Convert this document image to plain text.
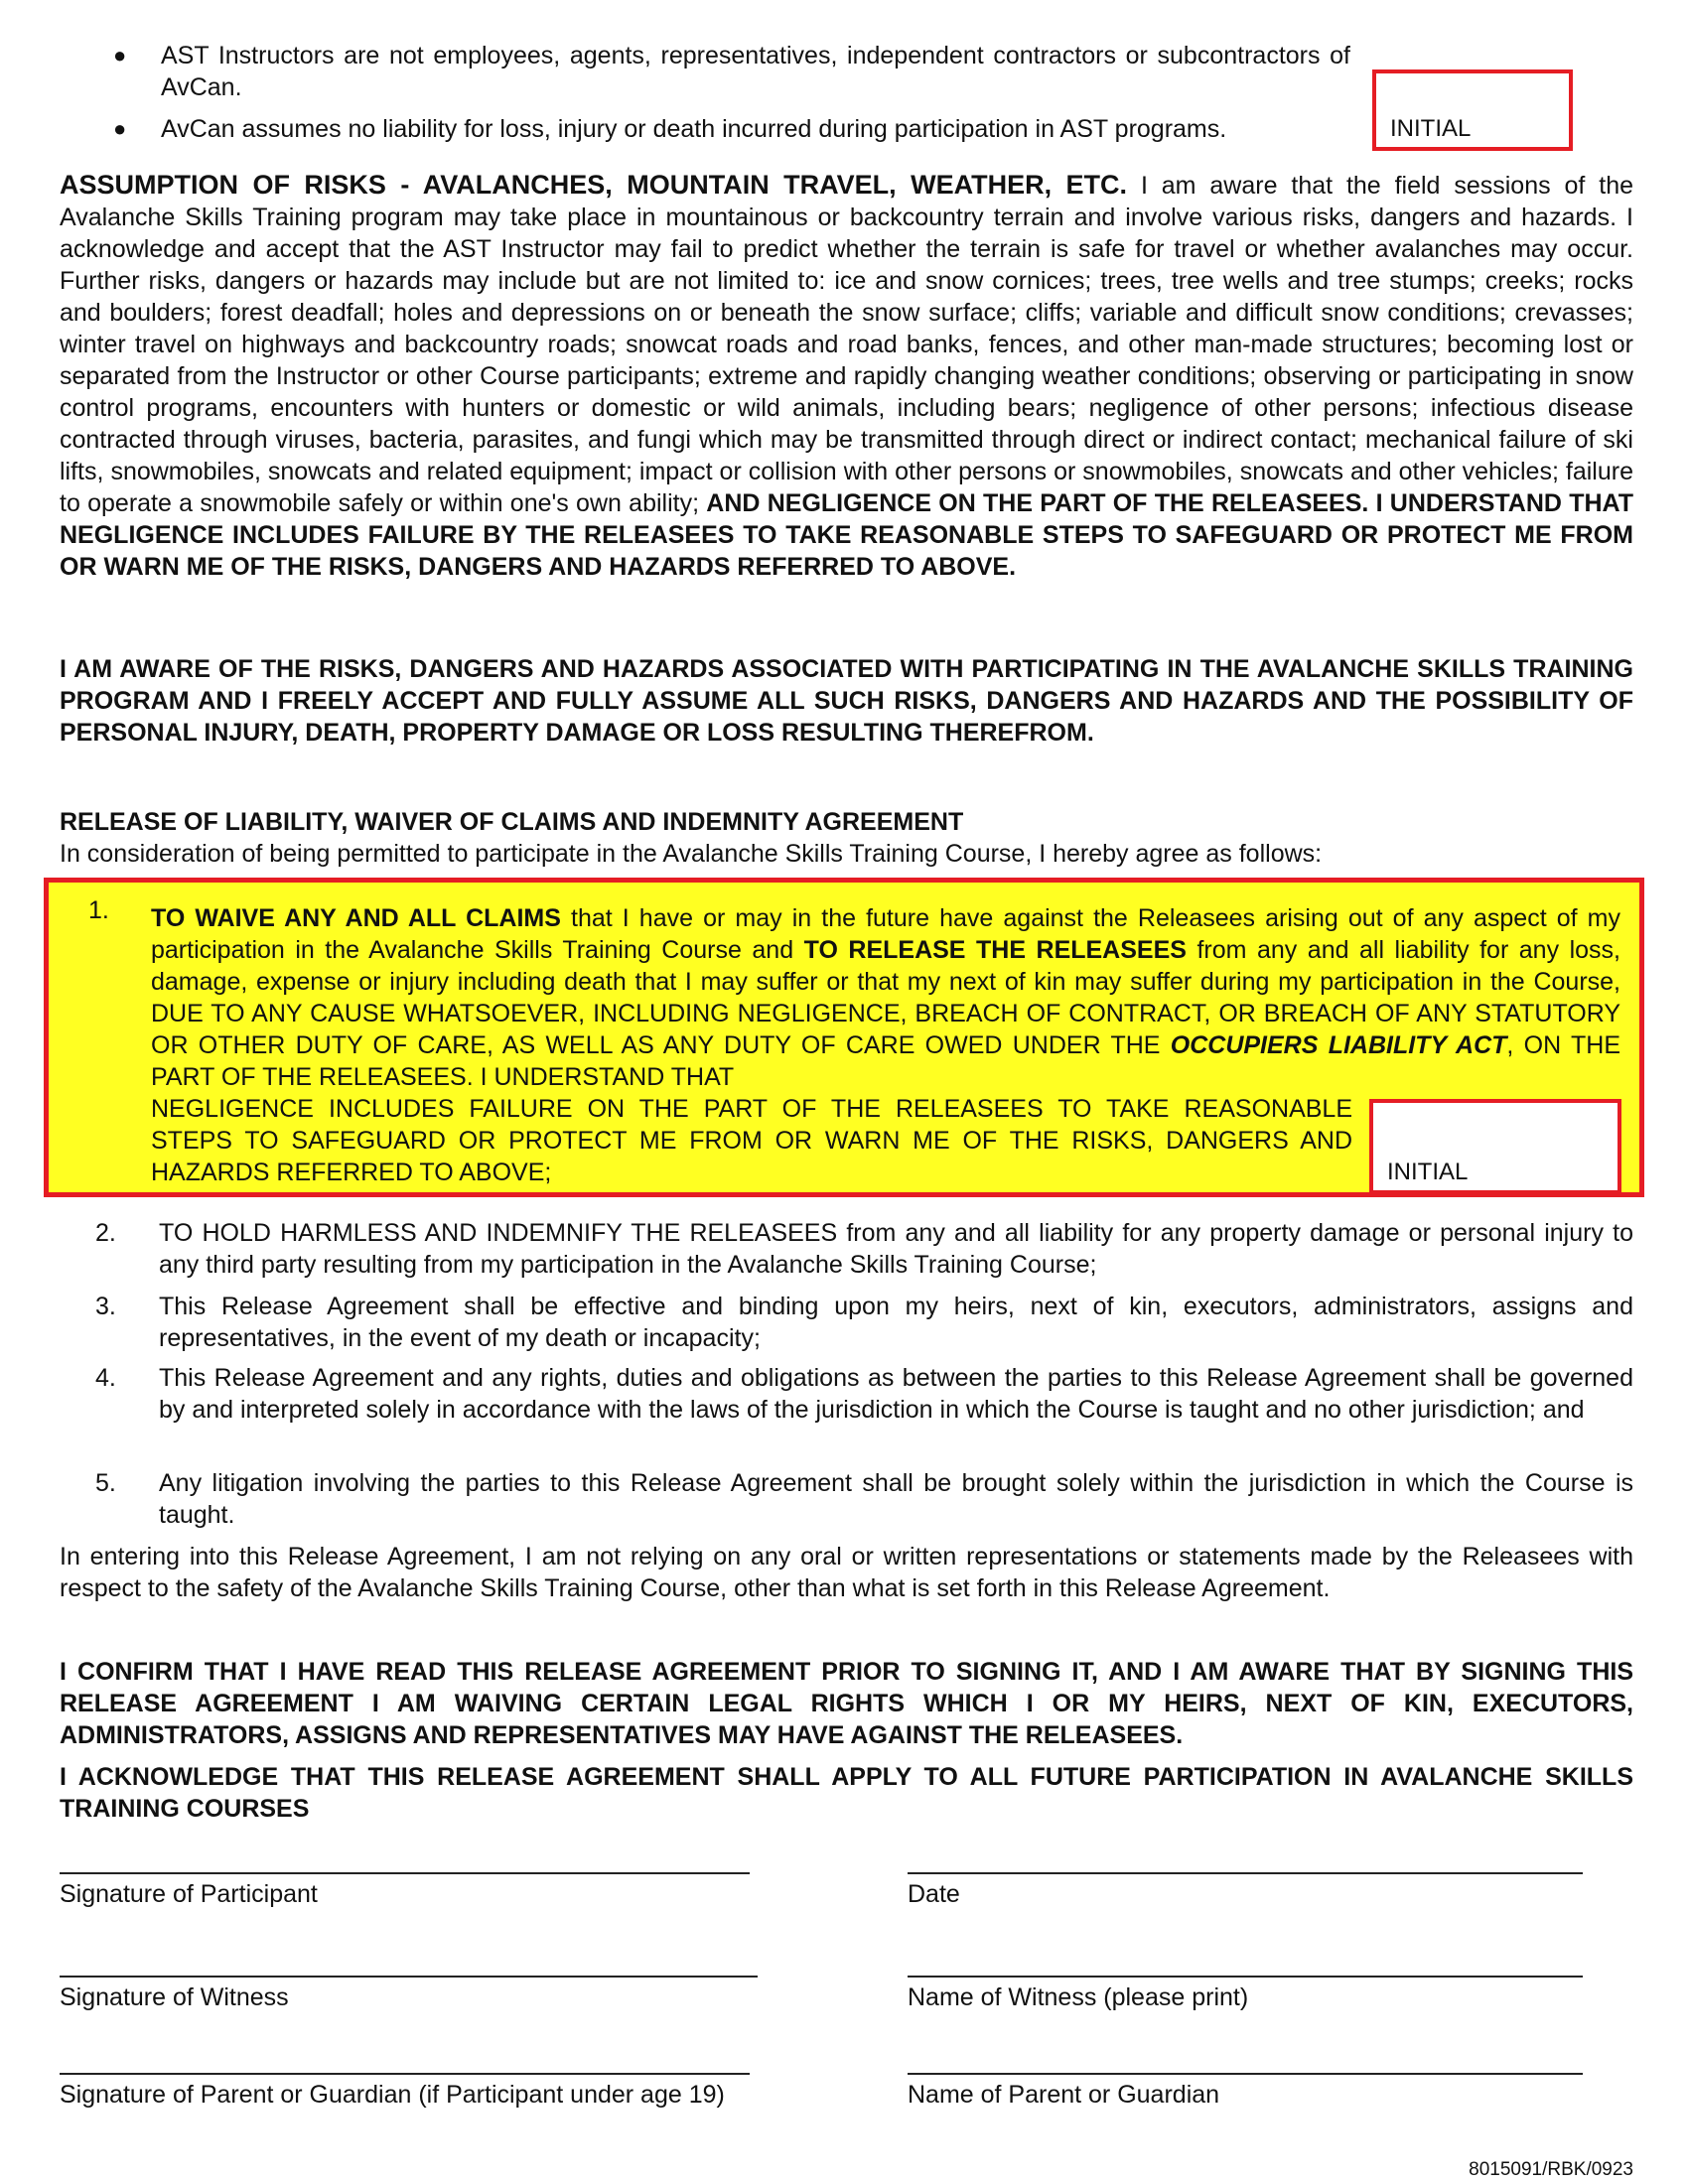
●	AST Instructors are not employees, agents, representatives, independent contractors or subcontractors of AvCan.
●	AvCan assumes no liability for loss, injury or death incurred during participation in AST programs.	INITIAL
ASSUMPTION OF RISKS - AVALANCHES, MOUNTAIN TRAVEL, WEATHER, ETC. I am aware that the field sessions of the Avalanche Skills Training program may take place in mountainous or backcountry terrain and involve various risks, dangers and hazards. I acknowledge and accept that the AST Instructor may fail to predict whether the terrain is safe for travel or whether avalanches may occur. Further risks, dangers or hazards may include but are not limited to: ice and snow cornices; trees, tree wells and tree stumps; creeks; rocks and boulders; forest deadfall; holes and depressions on or beneath the snow surface; cliffs; variable and difficult snow conditions; crevasses; winter travel on highways and backcountry roads; snowcat roads and road banks, fences, and other man-made structures; becoming lost or separated from the Instructor or other Course participants; extreme and rapidly changing weather conditions; observing or participating in snow control programs, encounters with hunters or domestic or wild animals, including bears; negligence of other persons; infectious disease contracted through viruses, bacteria, parasites, and fungi which may be transmitted through direct or indirect contact; mechanical failure of ski lifts, snowmobiles, snowcats and related equipment; impact or collision with other persons or snowmobiles, snowcats and other vehicles; failure to operate a snowmobile safely or within one's own ability; AND NEGLIGENCE ON THE PART OF THE RELEASEES. I UNDERSTAND THAT NEGLIGENCE INCLUDES FAILURE BY THE RELEASEES TO TAKE REASONABLE STEPS TO SAFEGUARD OR PROTECT ME FROM OR WARN ME OF THE RISKS, DANGERS AND HAZARDS REFERRED TO ABOVE.
I AM AWARE OF THE RISKS, DANGERS AND HAZARDS ASSOCIATED WITH PARTICIPATING IN THE AVALANCHE SKILLS TRAINING PROGRAM AND I FREELY ACCEPT AND FULLY ASSUME ALL SUCH RISKS, DANGERS AND HAZARDS AND THE POSSIBILITY OF PERSONAL INJURY, DEATH, PROPERTY DAMAGE OR LOSS RESULTING THEREFROM.
RELEASE OF LIABILITY, WAIVER OF CLAIMS AND INDEMNITY AGREEMENT
In consideration of being permitted to participate in the Avalanche Skills Training Course, I hereby agree as follows:
1. TO WAIVE ANY AND ALL CLAIMS that I have or may in the future have against the Releasees arising out of any aspect of my participation in the Avalanche Skills Training Course and TO RELEASE THE RELEASEES from any and all liability for any loss, damage, expense or injury including death that I may suffer or that my next of kin may suffer during my participation in the Course, DUE TO ANY CAUSE WHATSOEVER, INCLUDING NEGLIGENCE, BREACH OF CONTRACT, OR BREACH OF ANY STATUTORY OR OTHER DUTY OF CARE, AS WELL AS ANY DUTY OF CARE OWED UNDER THE OCCUPIERS LIABILITY ACT, ON THE PART OF THE RELEASEES. I UNDERSTAND THAT
NEGLIGENCE INCLUDES FAILURE ON THE PART OF THE RELEASEES TO TAKE REASONABLE STEPS TO SAFEGUARD OR PROTECT ME FROM OR WARN ME OF THE RISKS, DANGERS AND HAZARDS REFERRED TO ABOVE;	INITIAL
2.	TO HOLD HARMLESS AND INDEMNIFY THE RELEASEES from any and all liability for any property damage or personal injury to any third party resulting from my participation in the Avalanche Skills Training Course;
3.	This Release Agreement shall be effective and binding upon my heirs, next of kin, executors, administrators, assigns and representatives, in the event of my death or incapacity;
4.	This Release Agreement and any rights, duties and obligations as between the parties to this Release Agreement shall be governed by and interpreted solely in accordance with the laws of the jurisdiction in which the Course is taught and no other jurisdiction; and
5.	Any litigation involving the parties to this Release Agreement shall be brought solely within the jurisdiction in which the Course is taught.
In entering into this Release Agreement, I am not relying on any oral or written representations or statements made by the Releasees with respect to the safety of the Avalanche Skills Training Course, other than what is set forth in this Release Agreement.
I CONFIRM THAT I HAVE READ THIS RELEASE AGREEMENT PRIOR TO SIGNING IT, AND I AM AWARE THAT BY SIGNING THIS RELEASE AGREEMENT I AM WAIVING CERTAIN LEGAL RIGHTS WHICH I OR MY HEIRS, NEXT OF KIN, EXECUTORS, ADMINISTRATORS, ASSIGNS AND REPRESENTATIVES MAY HAVE AGAINST THE RELEASEES.
I ACKNOWLEDGE THAT THIS RELEASE AGREEMENT SHALL APPLY TO ALL FUTURE PARTICIPATION IN AVALANCHE SKILLS TRAINING COURSES
Signature of Participant	Date
Signature of Witness	Name of Witness (please print)
Signature of Parent or Guardian (if Participant under age 19)	Name of Parent or Guardian
8015091/RBK/0923
